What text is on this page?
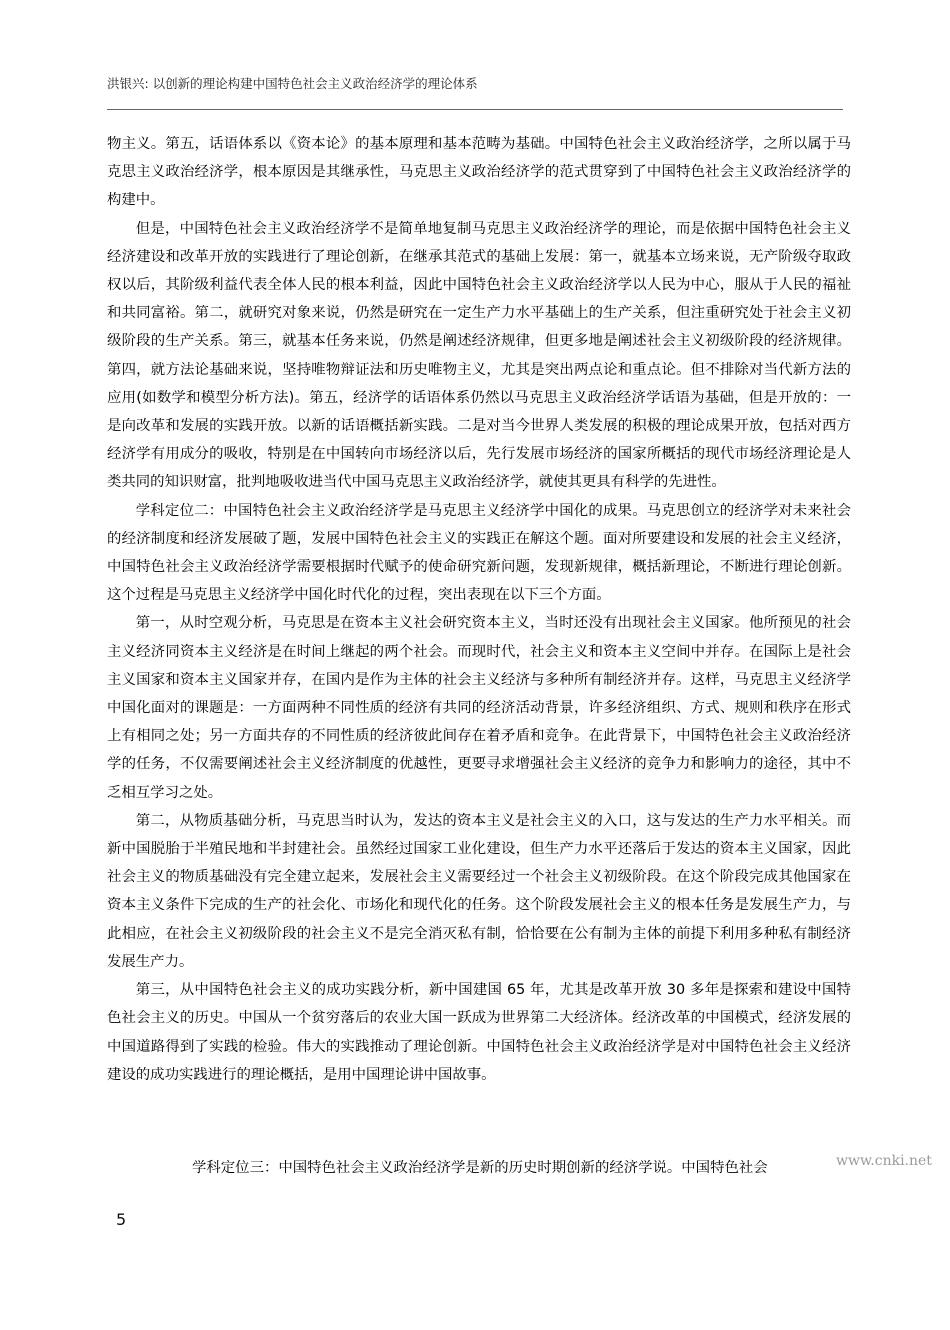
洪银兴: 以创新的理论构建中国特色社会主义政治经济学的理论体系

物主义。第五，话语体系以《资本论》的基本原理和基本范畴为基础。中国特色社会主义政治经济学，之所以属于马克思主义政治经济学，根本原因是其继承性，马克思主义政治经济学的范式贯穿到了中国特色社会主义政治经济学的构建中。

但是，中国特色社会主义政治经济学不是简单地复制马克思主义政治经济学的理论，而是依据中国特色社会主义经济建设和改革开放的实践进行了理论创新，在继承其范式的基础上发展：第一，就基本立场来说，无产阶级夺取政权以后，其阶级利益代表全体人民的根本利益，因此中国特色社会主义政治经济学以人民为中心，服从于人民的福祉和共同富裕。第二，就研究对象来说，仍然是研究在一定生产力水平基础上的生产关系，但注重研究处于社会主义初级阶段的生产关系。第三，就基本任务来说，仍然是阐述经济规律，但更多地是阐述社会主义初级阶段的经济规律。第四，就方法论基础来说，坚持唯物辩证法和历史唯物主义，尤其是突出两点论和重点论。但不排除对当代新方法的应用(如数学和模型分析方法)。第五，经济学的话语体系仍然以马克思主义政治经济学话语为基础，但是开放的：一是向改革和发展的实践开放。以新的话语概括新实践。二是对当今世界人类发展的积极的理论成果开放，包括对西方经济学有用成分的吸收，特别是在中国转向市场经济以后，先行发展市场经济的国家所概括的现代市场经济理论是人类共同的知识财富，批判地吸收进当代中国马克思主义政治经济学，就使其更具有科学的先进性。

学科定位二：中国特色社会主义政治经济学是马克思主义经济学中国化的成果。马克思创立的经济学对未来社会的经济制度和经济发展破了题，发展中国特色社会主义的实践正在解这个题。面对所要建设和发展的社会主义经济，中国特色社会主义政治经济学需要根据时代赋予的使命研究新问题，发现新规律，概括新理论，不断进行理论创新。这个过程是马克思主义经济学中国化时代化的过程，突出表现在以下三个方面。

第一，从时空观分析，马克思是在资本主义社会研究资本主义，当时还没有出现社会主义国家。他所预见的社会主义经济同资本主义经济是在时间上继起的两个社会。而现时代，社会主义和资本主义空间中并存。在国际上是社会主义国家和资本主义国家并存，在国内是作为主体的社会主义经济与多种所有制经济并存。这样，马克思主义经济学中国化面对的课题是：一方面两种不同性质的经济有共同的经济活动背景，许多经济组织、方式、规则和秩序在形式上有相同之处；另一方面共存的不同性质的经济彼此间存在着矛盾和竞争。在此背景下，中国特色社会主义政治经济学的任务，不仅需要阐述社会主义经济制度的优越性，更要寻求增强社会主义经济的竞争力和影响力的途径，其中不乏相互学习之处。

第二，从物质基础分析，马克思当时认为，发达的资本主义是社会主义的入口，这与发达的生产力水平相关。而新中国脱胎于半殖民地和半封建社会。虽然经过国家工业化建设，但生产力水平还落后于发达的资本主义国家，因此社会主义的物质基础没有完全建立起来，发展社会主义需要经过一个社会主义初级阶段。在这个阶段完成其他国家在资本主义条件下完成的生产的社会化、市场化和现代化的任务。这个阶段发展社会主义的根本任务是发展生产力，与此相应，在社会主义初级阶段的社会主义不是完全消灭私有制，恰恰要在公有制为主体的前提下利用多种私有制经济发展生产力。

第三，从中国特色社会主义的成功实践分析，新中国建国 65 年，尤其是改革开放 30 多年是探索和建设中国特色社会主义的历史。中国从一个贫穷落后的农业大国一跃成为世界第二大经济体。经济改革的中国模式，经济发展的中国道路得到了实践的检验。伟大的实践推动了理论创新。中国特色社会主义政治经济学是对中国特色社会主义经济建设的成功实践进行的理论概括，是用中国理论讲中国故事。

学科定位三：中国特色社会主义政治经济学是新的历史时期创新的经济学说。中国特色社会	www.cnki.net
5
